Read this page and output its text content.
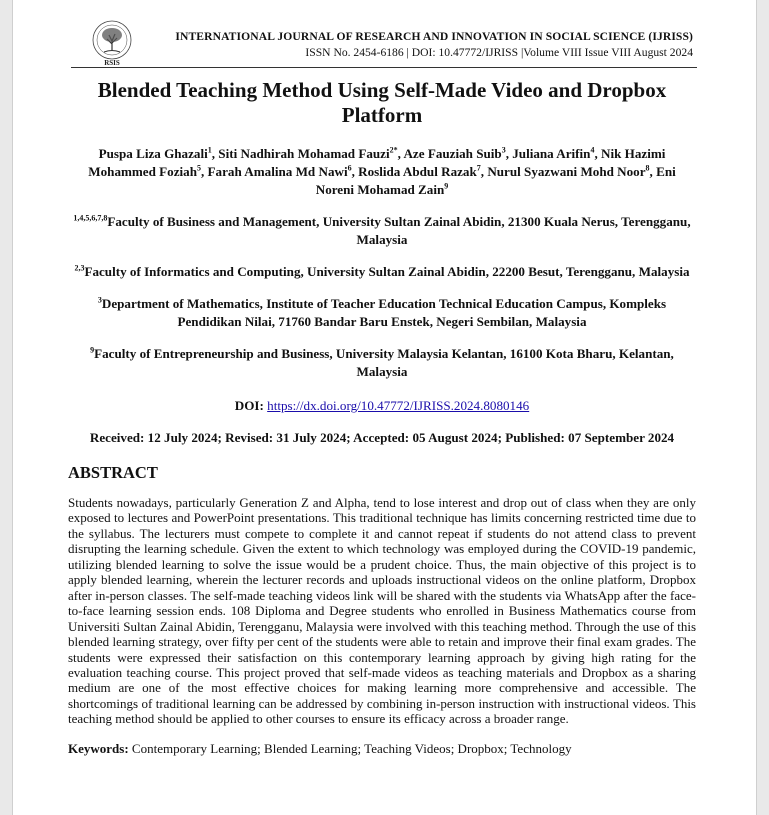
RSIS
INTERNATIONAL JOURNAL OF RESEARCH AND INNOVATION IN SOCIAL SCIENCE (IJRISS)
ISSN No. 2454-6186 | DOI: 10.47772/IJRISS |Volume VIII Issue VIII August 2024
Blended Teaching Method Using Self-Made Video and Dropbox Platform
Puspa Liza Ghazali$^1$, Siti Nadhirah Mohamad Fauzi$^{2*}$, Aze Fauziah Suib$^3$, Juliana Arifin$^4$, Nik Hazimi Mohammed Foziah$^5$, Farah Amalina Md Nawi$^6$, Roslida Abdul Razak$^7$, Nurul Syazwani Mohd Noor$^8$, Eni Noreni Mohamad Zain$^9$
$^{1,4,5,6,7,8}$Faculty of Business and Management, University Sultan Zainal Abidin, 21300 Kuala Nerus, Terengganu, Malaysia
$^{2,3}$Faculty of Informatics and Computing, University Sultan Zainal Abidin, 22200 Besut, Terengganu, Malaysia
$^3$Department of Mathematics, Institute of Teacher Education Technical Education Campus, Kompleks Pendidikan Nilai, 71760 Bandar Baru Enstek, Negeri Sembilan, Malaysia
$^9$Faculty of Entrepreneurship and Business, University Malaysia Kelantan, 16100 Kota Bharu, Kelantan, Malaysia
DOI: https://dx.doi.org/10.47772/IJRISS.2024.8080146
Received: 12 July 2024; Revised: 31 July 2024; Accepted: 05 August 2024; Published: 07 September 2024
ABSTRACT
Students nowadays, particularly Generation Z and Alpha, tend to lose interest and drop out of class when they are only exposed to lectures and PowerPoint presentations. This traditional technique has limits concerning restricted time due to the syllabus. The lecturers must compete to complete it and cannot repeat if students do not attend class to prevent disrupting the learning schedule. Given the extent to which technology was employed during the COVID-19 pandemic, utilizing blended learning to solve the issue would be a prudent choice. Thus, the main objective of this project is to apply blended learning, wherein the lecturer records and uploads instructional videos on the online platform, Dropbox after in-person classes. The self-made teaching videos link will be shared with the students via WhatsApp after the face-to-face learning session ends. 108 Diploma and Degree students who enrolled in Business Mathematics course from Universiti Sultan Zainal Abidin, Terengganu, Malaysia were involved with this teaching method. Through the use of this blended learning strategy, over fifty per cent of the students were able to retain and improve their final exam grades. The students were expressed their satisfaction on this contemporary learning approach by giving high rating for the evaluation teaching course. This project proved that self-made videos as teaching materials and Dropbox as a sharing medium are one of the most effective choices for making learning more comprehensive and accessible. The shortcomings of traditional learning can be addressed by combining in-person instruction with instructional videos. This teaching method should be applied to other courses to ensure its efficacy across a broader range.
Keywords: Contemporary Learning; Blended Learning; Teaching Videos; Dropbox; Technology
